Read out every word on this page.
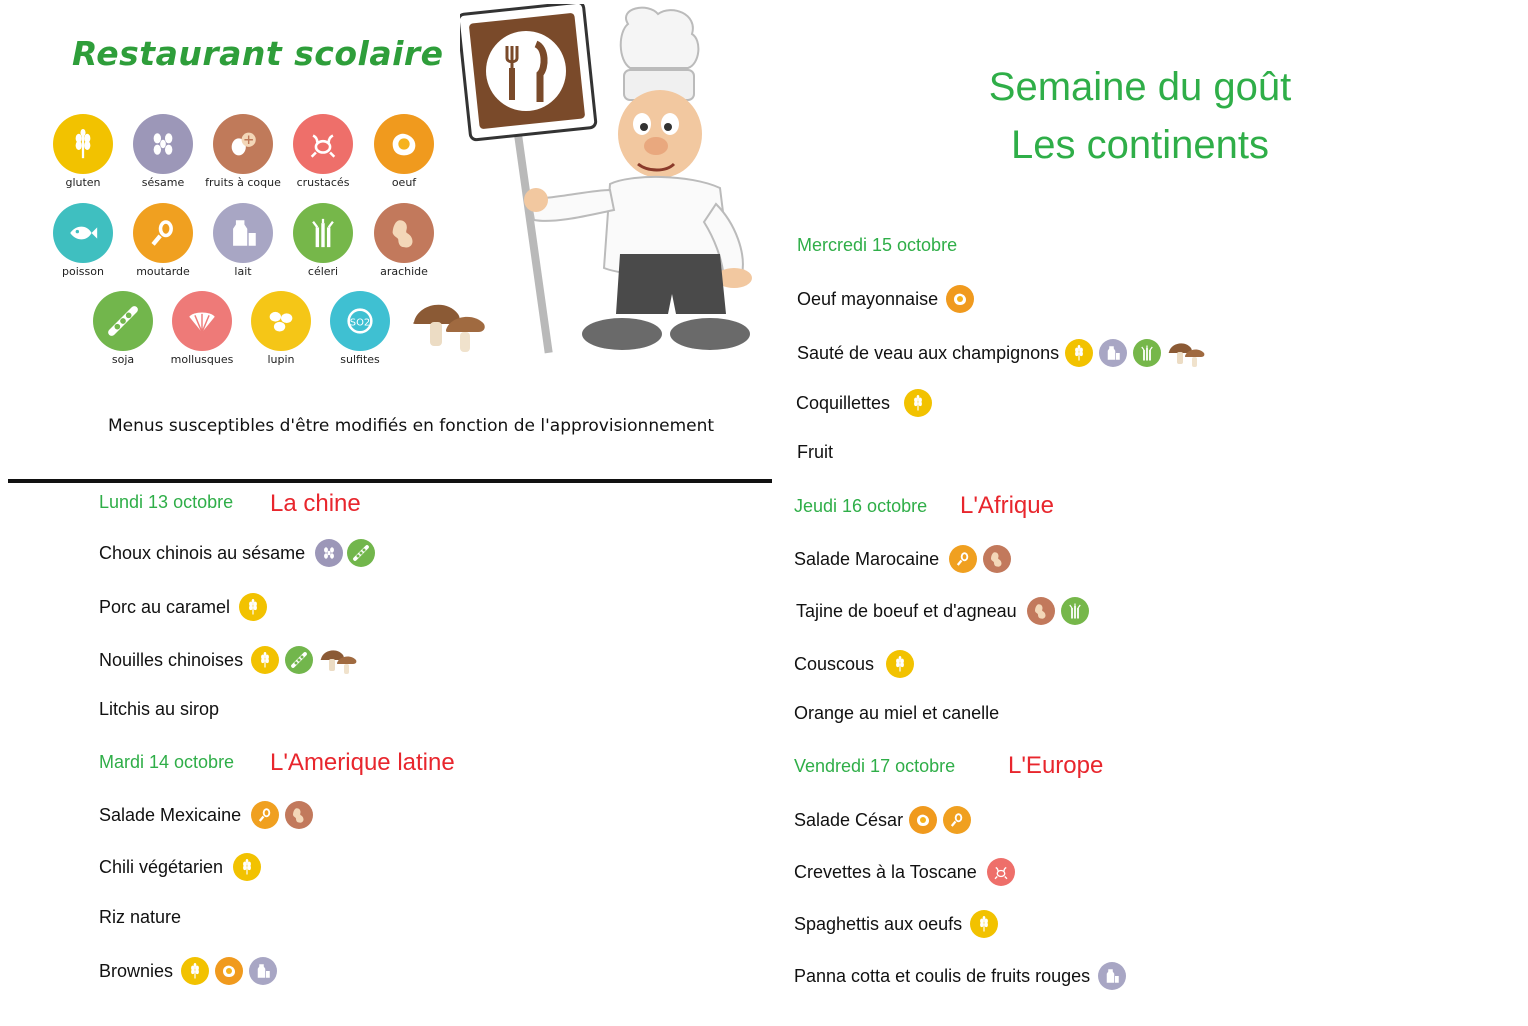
Restaurant scolaire
gluten	sésame	fruits à coque	crustacés	oeuf
poisson	moutarde	lait	céleri	arachide
soja	mollusques	lupin	sulfites
Menus susceptibles d'être modifiés en fonction de l'approvisionnement
Semaine du goût
Les continents
Lundi 13 octobre La chine
Choux chinois au sésame
Porc au caramel
Nouilles chinoises
Litchis au sirop
Mardi 14 octobre L'Amerique latine
Salade Mexicaine
Chili végétarien
Riz nature
Brownies
Mercredi 15 octobre
Oeuf mayonnaise
Sauté de veau aux champignons
Coquillettes
Fruit
Jeudi 16 octobre L'Afrique
Salade Marocaine
Tajine de boeuf et d'agneau
Couscous
Orange au miel et canelle
Vendredi 17 octobre L'Europe
Salade César
Crevettes à la Toscane
Spaghettis aux oeufs
Panna cotta et coulis de fruits rouges
